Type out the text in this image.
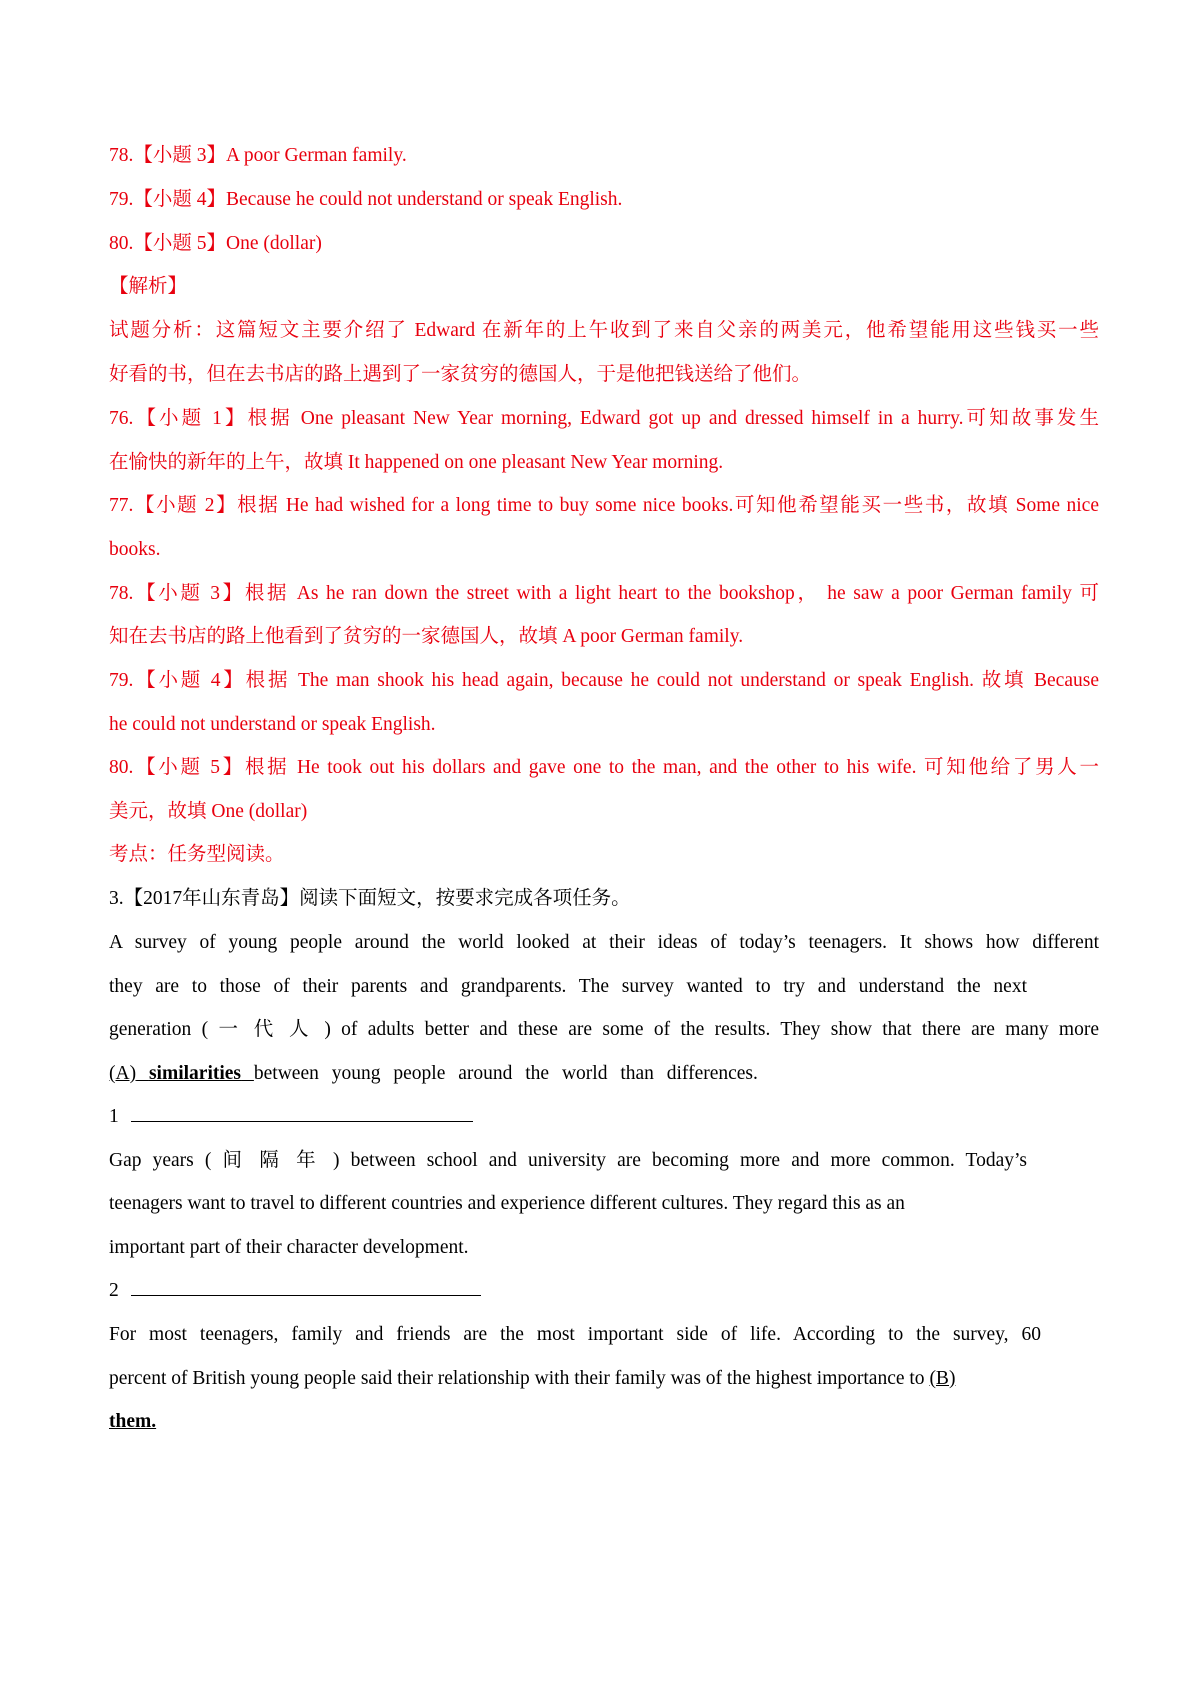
78.【小题 3】A poor German family.
79.【小题 4】Because he could not understand or speak English.
80.【小题 5】One (dollar)
【解析】
试题分析：这篇短文主要介绍了 Edward 在新年的上午收到了来自父亲的两美元，他希望能用这些钱买一些
好看的书，但在去书店的路上遇到了一家贫穷的德国人，于是他把钱送给了他们。
76.【小题 1】根据 One pleasant New Year morning, Edward got up and dressed himself in a hurry.可知故事发生
在愉快的新年的上午，故填 It happened on one pleasant New Year morning.
77.【小题 2】根据 He had wished for a long time to buy some nice books.可知他希望能买一些书，故填 Some nice
books.
78.【小题 3】根据 As he ran down the street with a light heart to the bookshop， he saw a poor German family 可
知在去书店的路上他看到了贫穷的一家德国人，故填 A poor German family.
79.【小题 4】根据 The man shook his head again, because he could not understand or speak English. 故填 Because
he could not understand or speak English.
80.【小题 5】根据 He took out his dollars and gave one to the man, and the other to his wife. 可知他给了男人一
美元，故填 One (dollar)
考点：任务型阅读。
3.【2017年山东青岛】阅读下面短文，按要求完成各项任务。
A survey of young people around the world looked at their ideas of today’s teenagers. It shows how different
they are to those of their parents and grandparents. The survey wanted to try and understand the next
generation ( 一 代 人 ) of adults better and these are some of the results. They show that there are many more
(A) similarities between young people around the world than differences.
1
Gap years ( 间 隔 年 ) between school and university are becoming more and more common. Today’s
teenagers want to travel to different countries and experience different cultures. They regard this as an
important part of their character development.
2
For most teenagers, family and friends are the most important side of life. According to the survey, 60
percent of British young people said their relationship with their family was of the highest importance to (B)
them.
